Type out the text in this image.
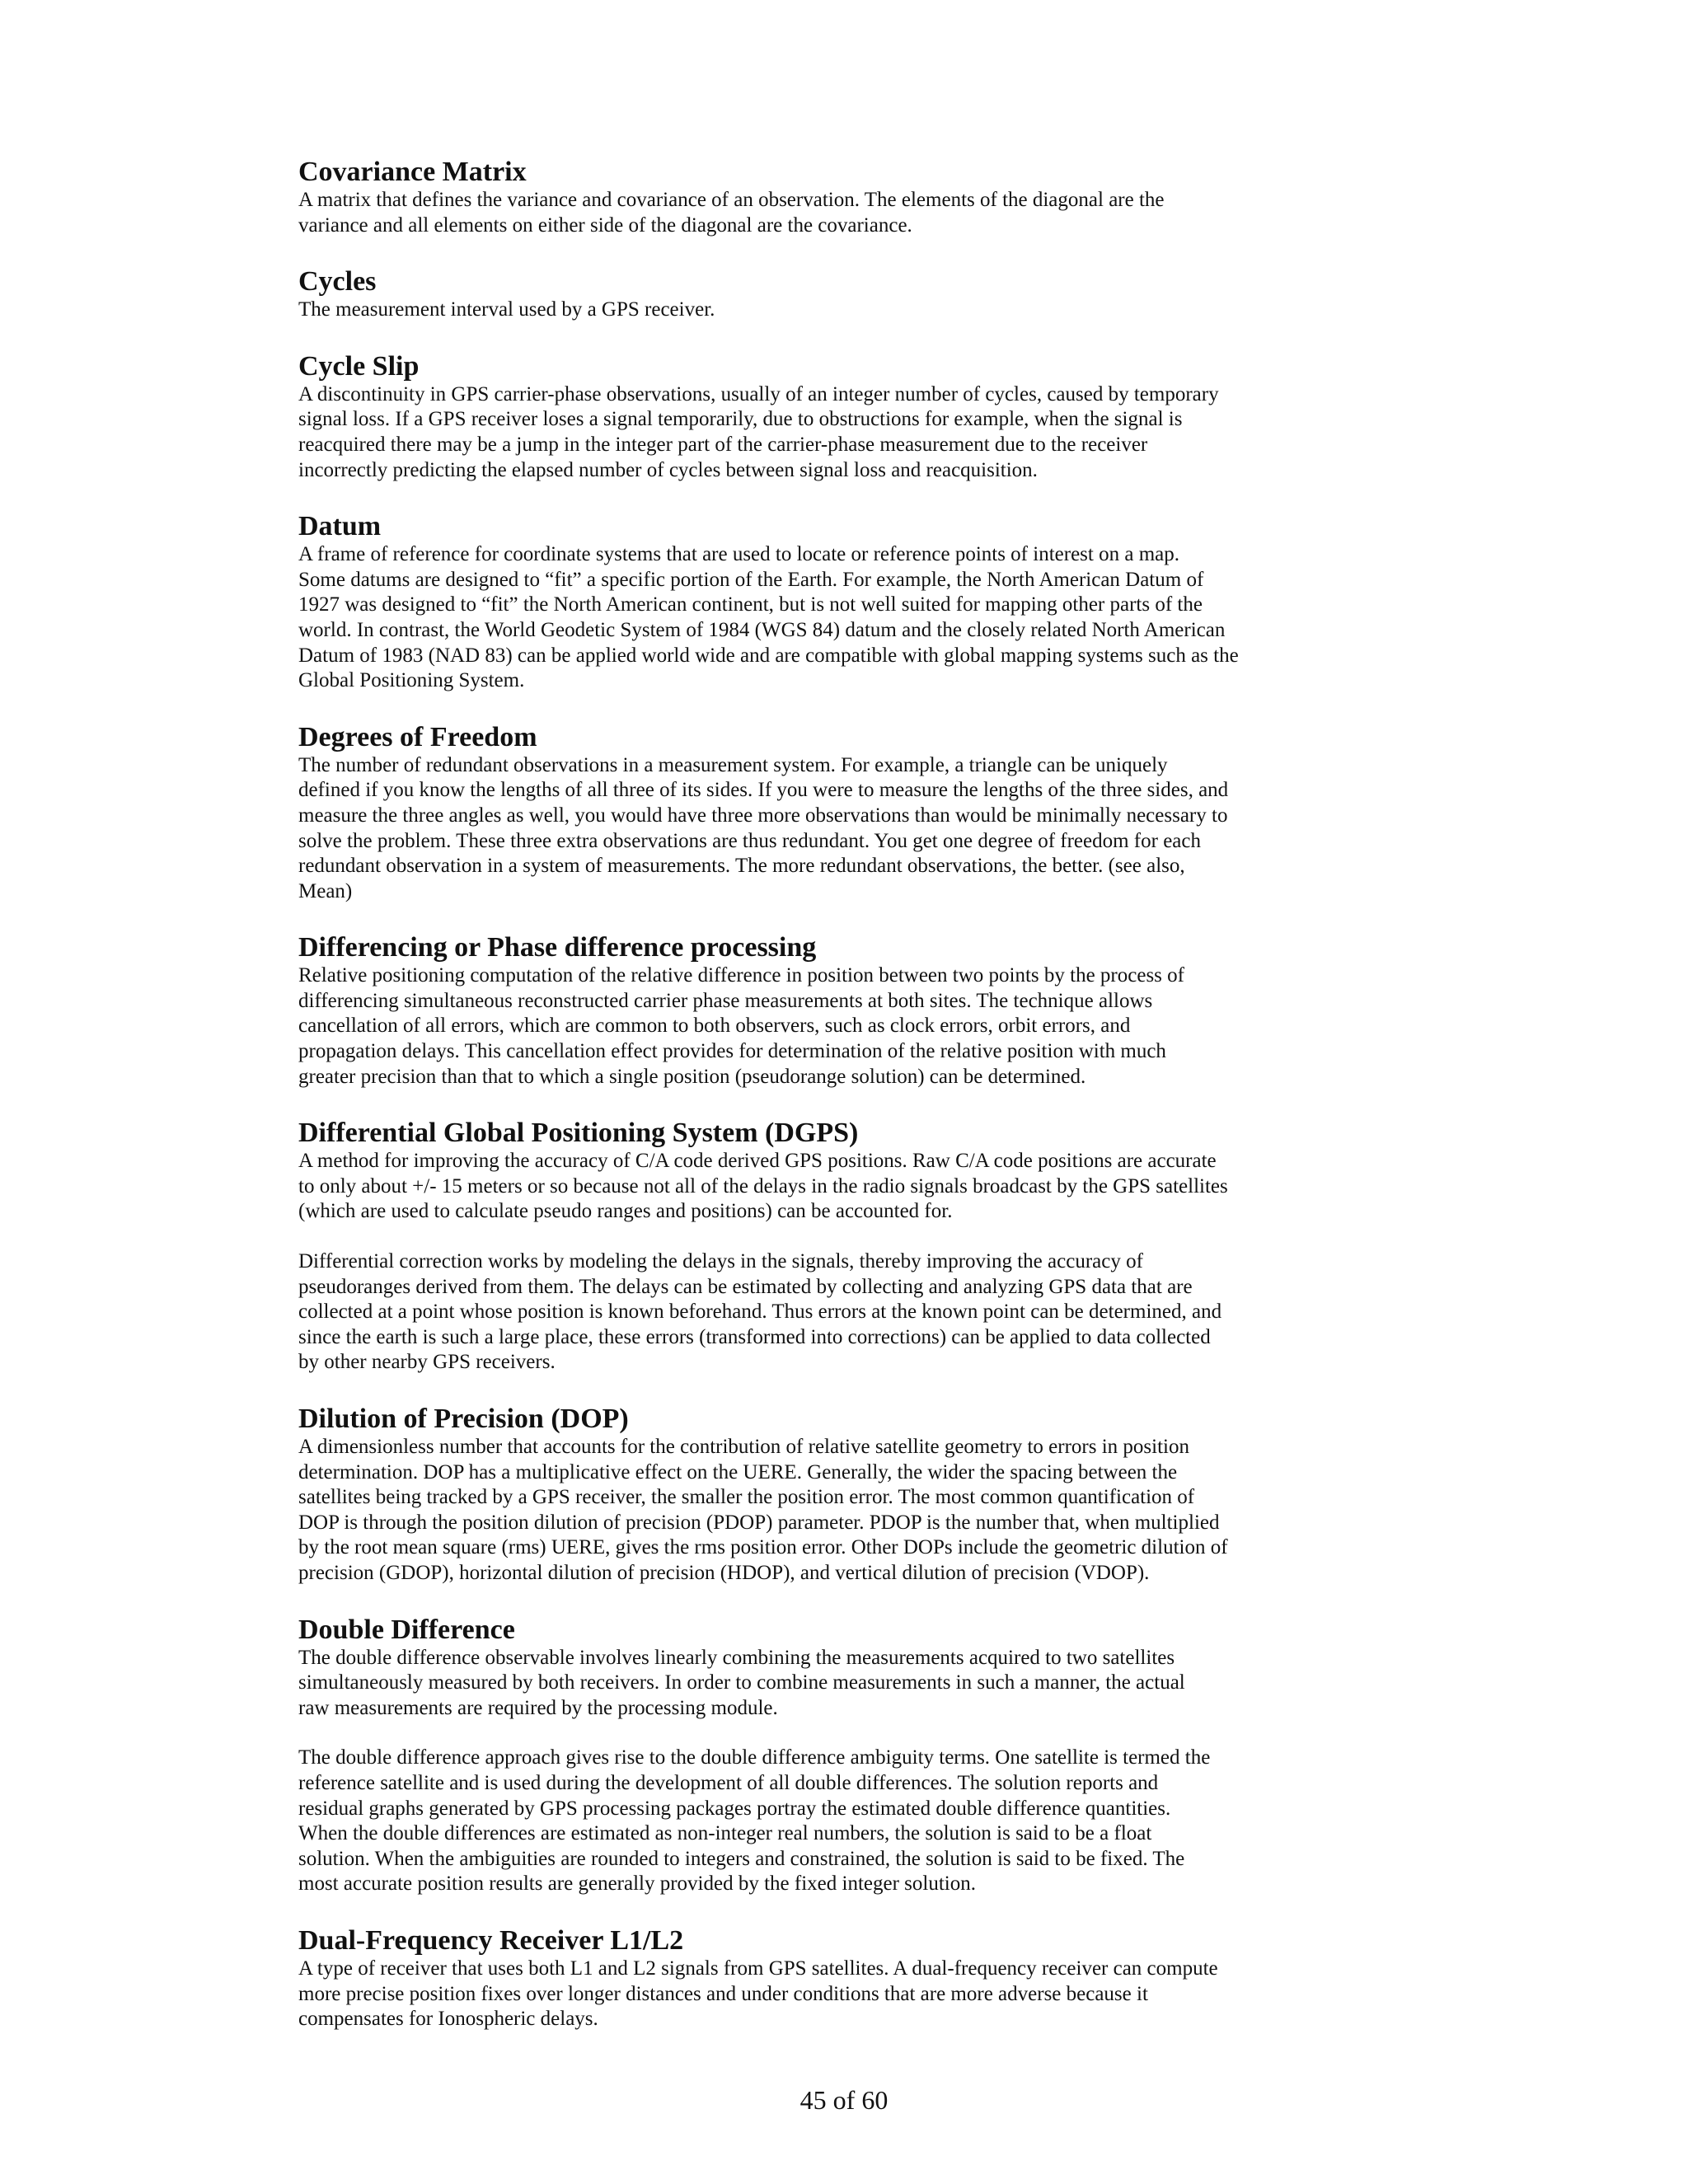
Covariance Matrix

A matrix that defines the variance and covariance of an observation. The elements of the diagonal are the
variance and all elements on either side of the diagonal are the covariance.

Cycles

The measurement interval used by a GPS receiver.

Cycle Slip

A discontinuity in GPS carrier-phase observations, usually of an integer number of cycles, caused by temporary
signal loss. If a GPS receiver loses a signal temporarily, due to obstructions for example, when the signal is
reacquired there may be a jump in the integer part of the carrier-phase measurement due to the receiver
incorrectly predicting the elapsed number of cycles between signal loss and reacquisition.

Datum

A frame of reference for coordinate systems that are used to locate or reference points of interest on a map.
Some datums are designed to “fit” a specific portion of the Earth. For example, the North American Datum of
1927 was designed to “fit” the North American continent, but is not well suited for mapping other parts of the
world. In contrast, the World Geodetic System of 1984 (WGS 84) datum and the closely related North American
Datum of 1983 (NAD 83) can be applied world wide and are compatible with global mapping systems such as the
Global Positioning System.

Degrees of Freedom

The number of redundant observations in a measurement system. For example, a triangle can be uniquely
defined if you know the lengths of all three of its sides. If you were to measure the lengths of the three sides, and
measure the three angles as well, you would have three more observations than would be minimally necessary to
solve the problem. These three extra observations are thus redundant. You get one degree of freedom for each
redundant observation in a system of measurements. The more redundant observations, the better. (see also,
Mean)

Differencing or Phase difference processing

Relative positioning computation of the relative difference in position between two points by the process of
differencing simultaneous reconstructed carrier phase measurements at both sites. The technique allows
cancellation of all errors, which are common to both observers, such as clock errors, orbit errors, and
propagation delays. This cancellation effect provides for determination of the relative position with much
greater precision than that to which a single position (pseudorange solution) can be determined.

Differential Global Positioning System (DGPS)

A method for improving the accuracy of C/A code derived GPS positions. Raw C/A code positions are accurate
to only about +/- 15 meters or so because not all of the delays in the radio signals broadcast by the GPS satellites
(which are used to calculate pseudo ranges and positions) can be accounted for.

Differential correction works by modeling the delays in the signals, thereby improving the accuracy of
pseudoranges derived from them. The delays can be estimated by collecting and analyzing GPS data that are
collected at a point whose position is known beforehand. Thus errors at the known point can be determined, and
since the earth is such a large place, these errors (transformed into corrections) can be applied to data collected
by other nearby GPS receivers.

Dilution of Precision (DOP)

A dimensionless number that accounts for the contribution of relative satellite geometry to errors in position
determination. DOP has a multiplicative effect on the UERE. Generally, the wider the spacing between the
satellites being tracked by a GPS receiver, the smaller the position error. The most common quantification of
DOP is through the position dilution of precision (PDOP) parameter. PDOP is the number that, when multiplied
by the root mean square (rms) UERE, gives the rms position error. Other DOPs include the geometric dilution of
precision (GDOP), horizontal dilution of precision (HDOP), and vertical dilution of precision (VDOP).

Double Difference

The double difference observable involves linearly combining the measurements acquired to two satellites
simultaneously measured by both receivers. In order to combine measurements in such a manner, the actual
raw measurements are required by the processing module.

The double difference approach gives rise to the double difference ambiguity terms. One satellite is termed the
reference satellite and is used during the development of all double differences. The solution reports and
residual graphs generated by GPS processing packages portray the estimated double difference quantities.
When the double differences are estimated as non-integer real numbers, the solution is said to be a float
solution. When the ambiguities are rounded to integers and constrained, the solution is said to be fixed. The
most accurate position results are generally provided by the fixed integer solution.

Dual-Frequency Receiver L1/L2

A type of receiver that uses both L1 and L2 signals from GPS satellites. A dual-frequency receiver can compute
more precise position fixes over longer distances and under conditions that are more adverse because it
compensates for Ionospheric delays.

45 of 60
